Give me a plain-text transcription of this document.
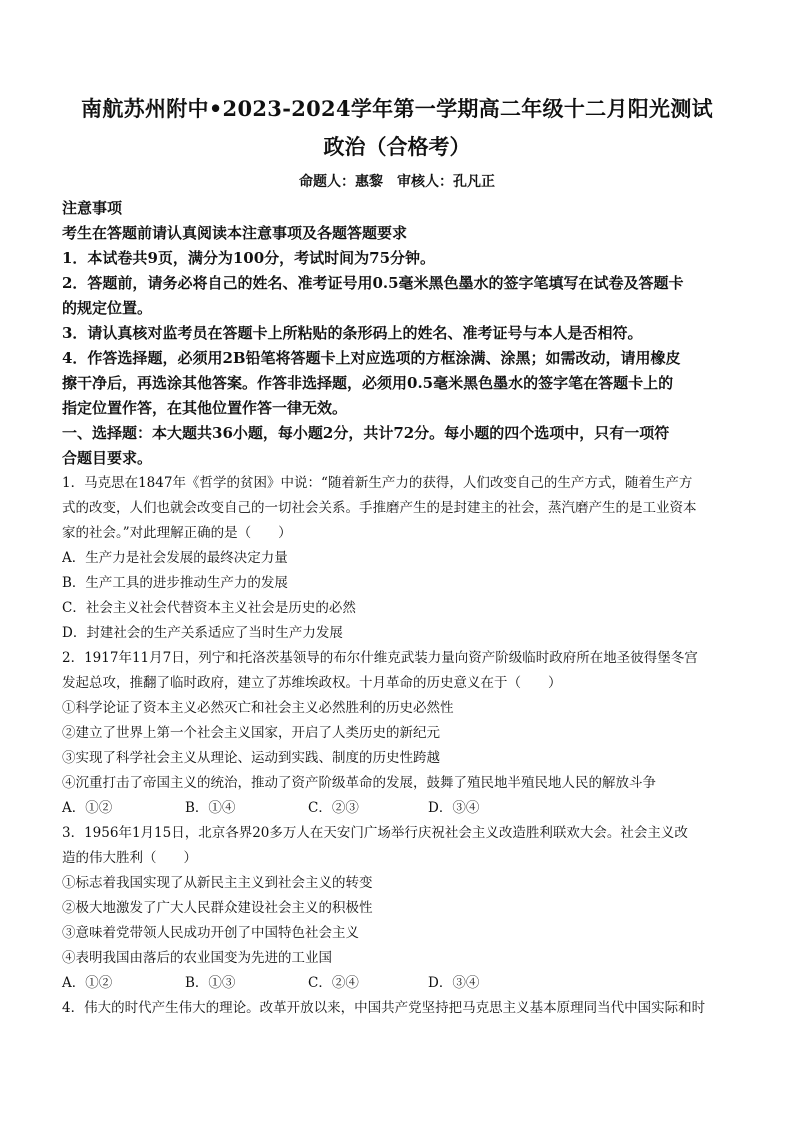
南航苏州附中•2023-2024学年第一学期高二年级十二月阳光测试
政治（合格考）
命题人：惠黎　审核人：孔凡正

注意事项

考生在答题前请认真阅读本注意事项及各题答题要求

1．本试卷共9页，满分为100分，考试时间为75分钟。

2．答题前，请务必将自己的姓名、准考证号用0.5毫米黑色墨水的签字笔填写在试卷及答题卡

的规定位置。

3．请认真核对监考员在答题卡上所粘贴的条形码上的姓名、准考证号与本人是否相符。

4．作答选择题，必须用2B铅笔将答题卡上对应选项的方框涂满、涂黑；如需改动，请用橡皮

擦干净后，再选涂其他答案。作答非选择题，必须用0.5毫米黑色墨水的签字笔在答题卡上的

指定位置作答，在其他位置作答一律无效。

一、选择题：本大题共36小题，每小题2分，共计72分。每小题的四个选项中，只有一项符

合题目要求。

1．马克思在1847年《哲学的贫困》中说：“随着新生产力的获得，人们改变自己的生产方式，随着生产方

式的改变，人们也就会改变自己的一切社会关系。手推磨产生的是封建主的社会，蒸汽磨产生的是工业资本

家的社会。”对此理解正确的是（　　）

A．生产力是社会发展的最终决定力量

B．生产工具的进步推动生产力的发展

C．社会主义社会代替资本主义社会是历史的必然

D．封建社会的生产关系适应了当时生产力发展

2．1917年11月7日，列宁和托洛茨基领导的布尔什维克武装力量向资产阶级临时政府所在地圣彼得堡冬宫

发起总攻，推翻了临时政府，建立了苏维埃政权。十月革命的历史意义在于（　　）

①科学论证了资本主义必然灭亡和社会主义必然胜利的历史必然性

②建立了世界上第一个社会主义国家，开启了人类历史的新纪元

③实现了科学社会主义从理论、运动到实践、制度的历史性跨越

④沉重打击了帝国主义的统治，推动了资产阶级革命的发展，鼓舞了殖民地半殖民地人民的解放斗争

A．①②	B．①④	C．②③	D．③④

3．1956年1月15日，北京各界20多万人在天安门广场举行庆祝社会主义改造胜利联欢大会。社会主义改

造的伟大胜利（　　）

①标志着我国实现了从新民主主义到社会主义的转变

②极大地激发了广大人民群众建设社会主义的积极性

③意味着党带领人民成功开创了中国特色社会主义

④表明我国由落后的农业国变为先进的工业国

A．①②	B．①③	C．②④	D．③④

4．伟大的时代产生伟大的理论。改革开放以来，中国共产党坚持把马克思主义基本原理同当代中国实际和时
